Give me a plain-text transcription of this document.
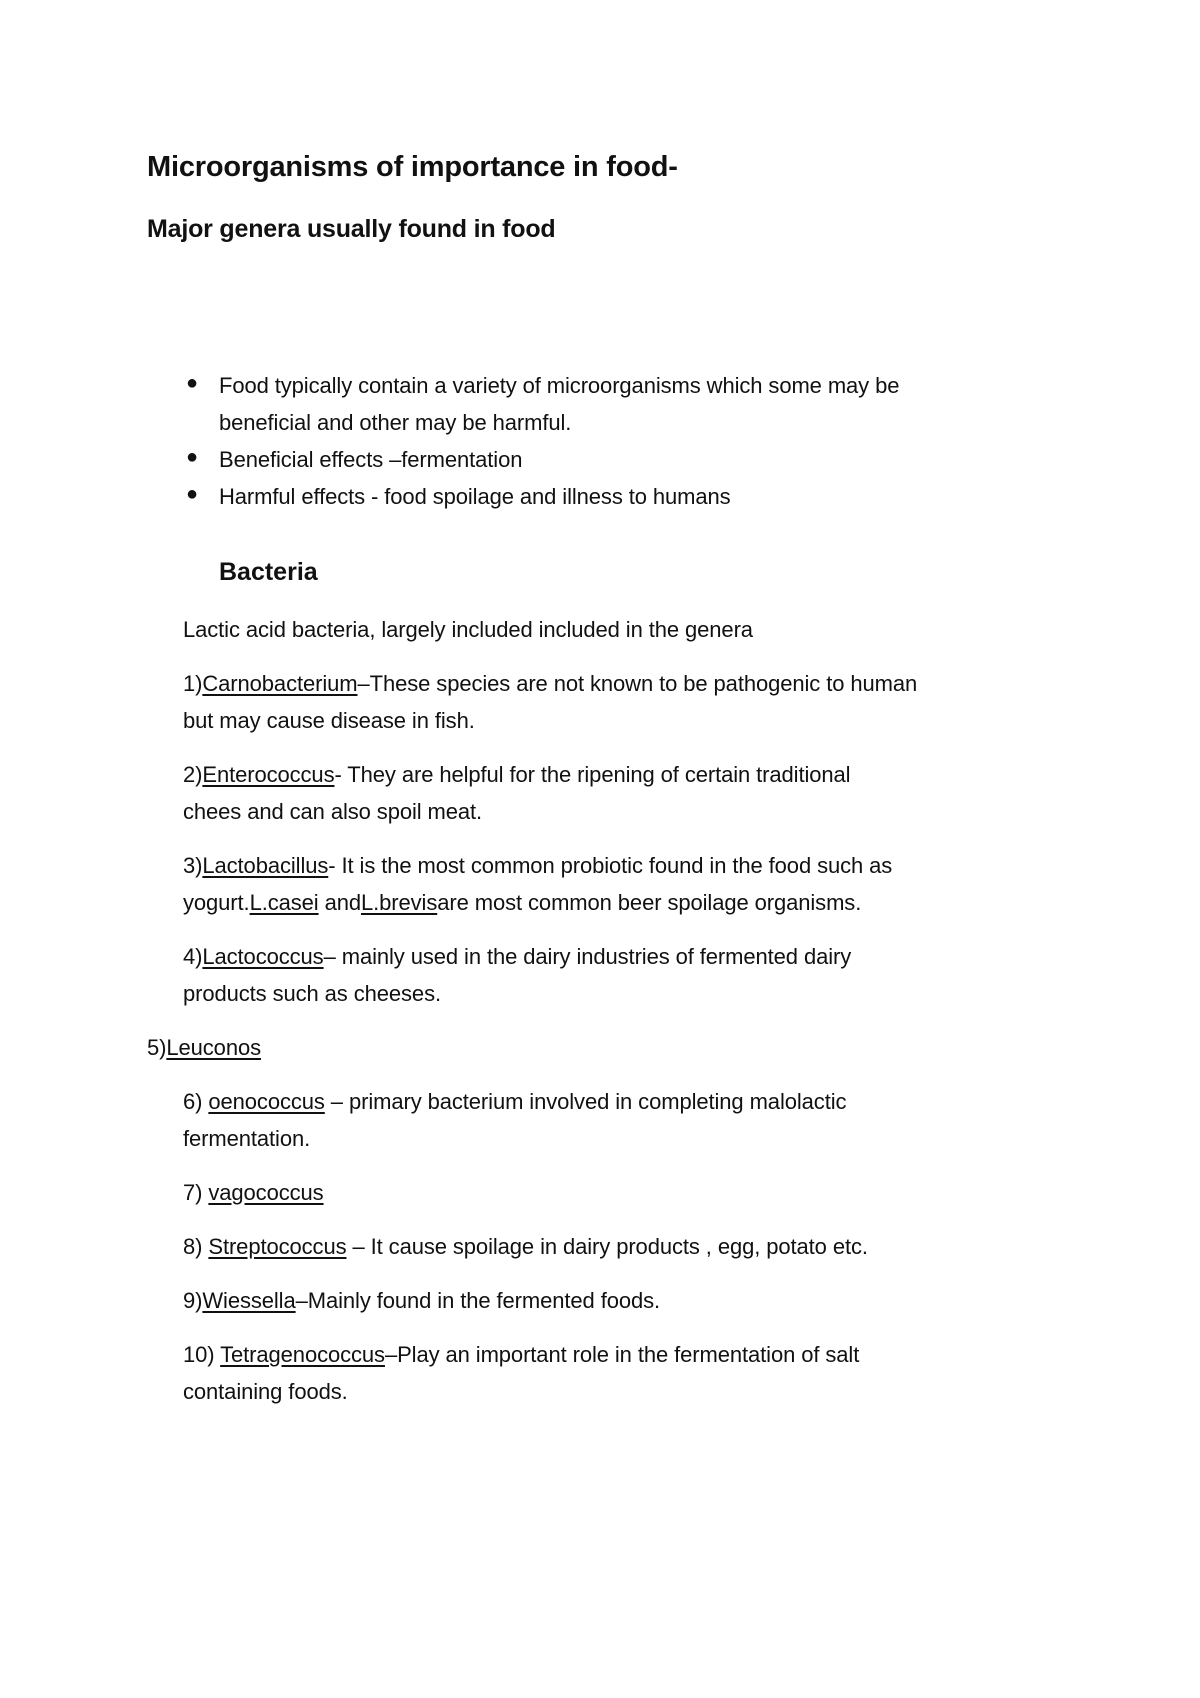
Microorganisms of importance in food-
Major genera usually found in food
● Food typically contain a variety of microorganisms which some may be
beneficial and other may be harmful.
● Beneficial effects –fermentation
● Harmful effects - food spoilage and illness to humans
Bacteria
Lactic acid bacteria, largely included included in the genera
1)Carnobacterium–These species are not known to be pathogenic to human
but may cause disease in fish.
2)Enterococcus- They are helpful for the ripening of certain traditional
chees and can also spoil meat.
3)Lactobacillus- It is the most common probiotic found in the food such as
yogurt.L.casei andL.brevisare most common beer spoilage organisms.
4)Lactococcus– mainly used in the dairy industries of fermented dairy
products such as cheeses.
5)Leuconos
6) oenococcus – primary bacterium involved in completing malolactic
fermentation.
7) vagococcus
8) Streptococcus – It cause spoilage in dairy products , egg, potato etc.
9)Wiessella–Mainly found in the fermented foods.
10) Tetragenococcus–Play an important role in the fermentation of salt
containing foods.
